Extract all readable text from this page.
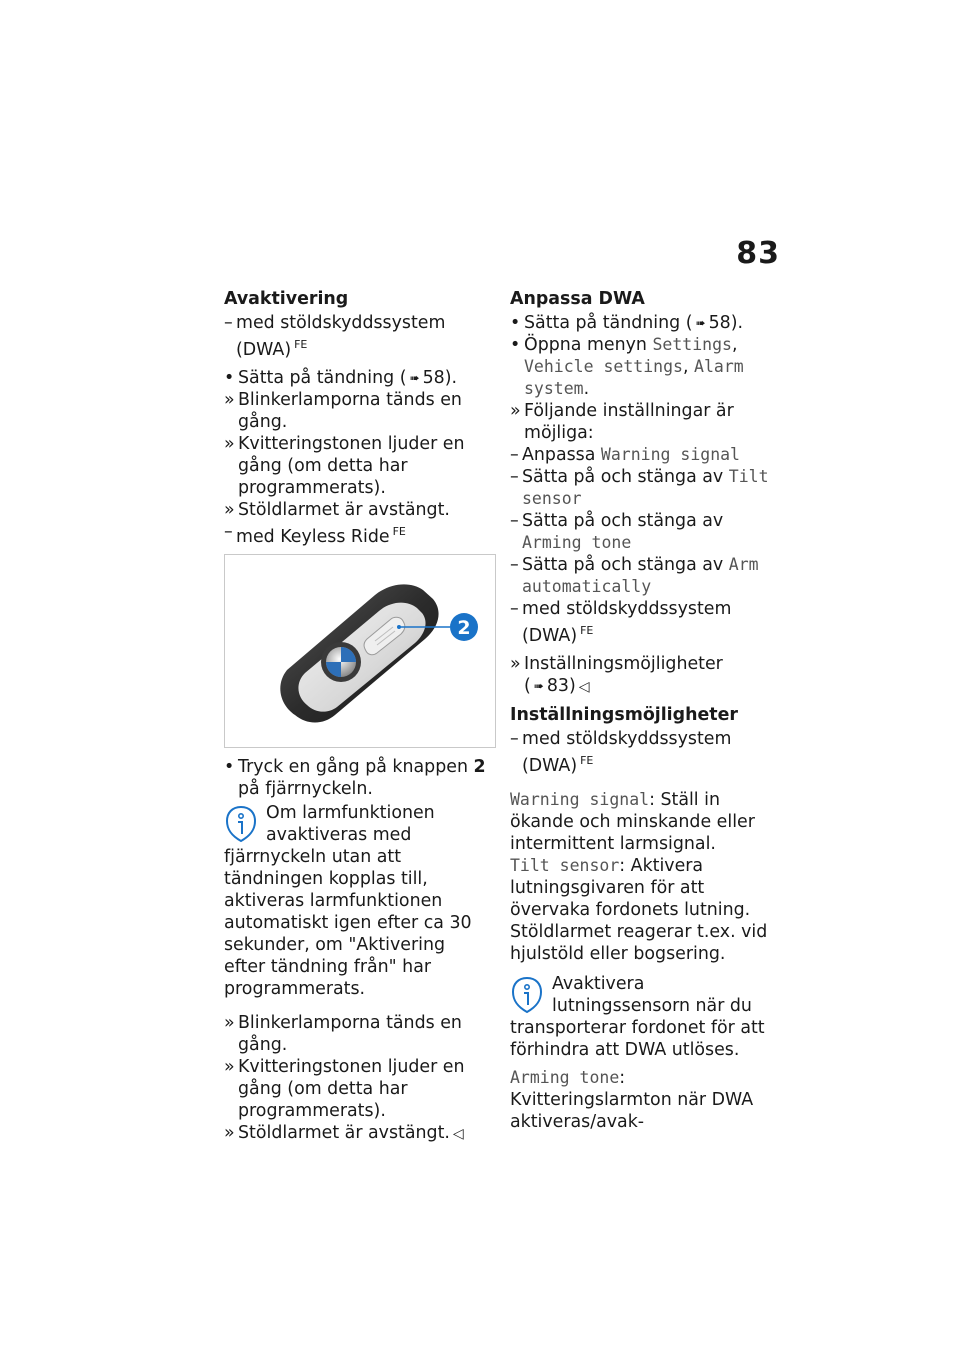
83
Avaktivering
– med stöldskyddssystem (DWA) $^{FE}$
• Sätta på tändning ( ➠ 58).
» Blinkerlamporna tänds en gång.
» Kvitteringstonen ljuder en gång (om detta har programmerats).
» Stöldlarmet är avstängt.
– med Keyless Ride $^{FE}$
2
• Tryck en gång på knappen 2 på fjärrnyckeln.

Om larmfunktionen avaktiveras med fjärrnyckeln utan att tändningen kopplas till, aktiveras larmfunktionen automatiskt igen efter ca 30 sekunder, om "Aktivering efter tändning från" har programmerats.

» Blinkerlamporna tänds en gång.
» Kvitteringstonen ljuder en gång (om detta har programmerats).
» Stöldlarmet är avstängt. ◁
Anpassa DWA
• Sätta på tändning ( ➠ 58).
• Öppna menyn Settings, Vehicle settings, Alarm system.
» Följande inställningar är möjliga:
– Anpassa Warning signal
– Sätta på och stänga av Tilt sensor
– Sätta på och stänga av Arming tone
– Sätta på och stänga av Arm automatically
– med stöldskyddssystem (DWA) $^{FE}$
» Inställningsmöjligheter
( ➠ 83) ◁
Inställningsmöjligheter
– med stöldskyddssystem (DWA) $^{FE}$

Warning signal: Ställ in ökande och minskande eller intermittent larmsignal.

Tilt sensor: Aktivera lutningsgivaren för att övervaka fordonets lutning. Stöldlarmet reagerar t.ex. vid hjulstöld eller bogsering.

Avaktivera lutningssensorn när du transporterar fordonet för att förhindra att DWA utlöses.

Arming tone: Kvitteringslarmton när DWA aktiveras/avak-
